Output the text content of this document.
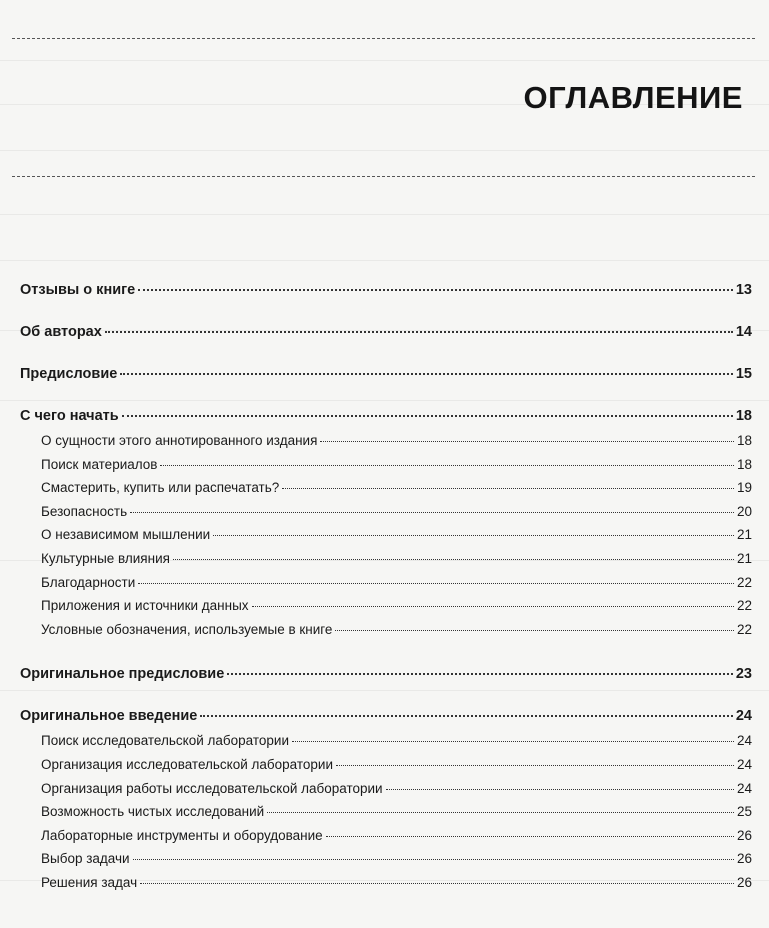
ОГЛАВЛЕНИЕ
Отзывы о книге	13
Об авторах	14
Предисловие	15
С чего начать	18
О сущности этого аннотированного издания	18
Поиск материалов	18
Смастерить, купить или распечатать?	19
Безопасность	20
О независимом мышлении	21
Культурные влияния	21
Благодарности	22
Приложения и источники данных	22
Условные обозначения, используемые в книге	22
Оригинальное предисловие	23
Оригинальное введение	24
Поиск исследовательской лаборатории	24
Организация исследовательской лаборатории	24
Организация работы исследовательской лаборатории	24
Возможность чистых исследований	25
Лабораторные инструменты и оборудование	26
Выбор задачи	26
Решения задач	26
